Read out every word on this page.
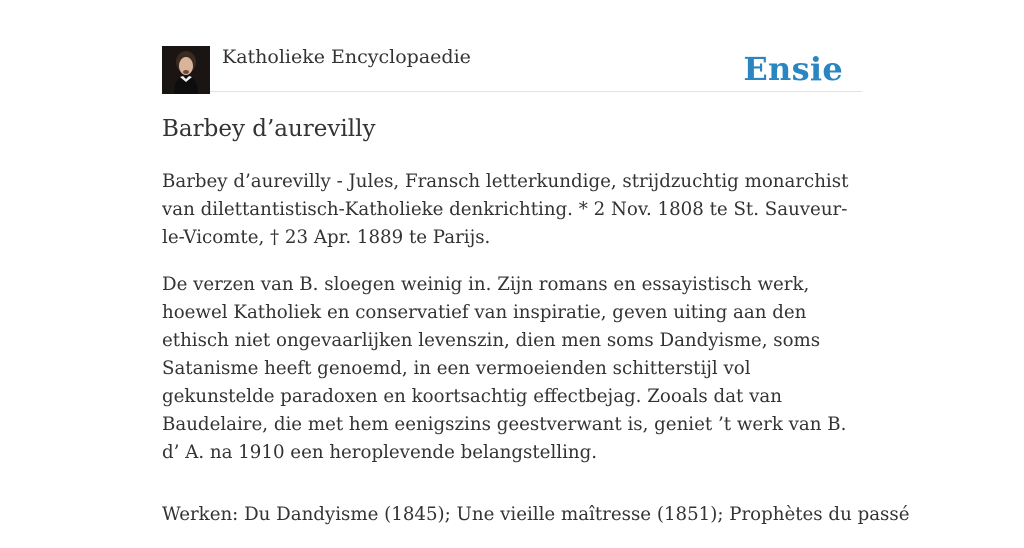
Katholieke Encyclopaedie	Ensie
Barbey d’aurevilly

Barbey d’aurevilly - Jules, Fransch letterkundige, strijdzuchtig monarchist van dilettantistisch-Katholieke denkrichting. * 2 Nov. 1808 te St. Sauveur-le-Vicomte, † 23 Apr. 1889 te Parijs.

De verzen van B. sloegen weinig in. Zijn romans en essayistisch werk, hoewel Katholiek en conservatief van inspiratie, geven uiting aan den ethisch niet ongevaarlijken levenszin, dien men soms Dandyisme, soms Satanisme heeft genoemd, in een vermoeienden schitterstijl vol gekunstelde paradoxen en koortsachtig effectbejag. Zooals dat van Baudelaire, die met hem eenigszins geestverwant is, geniet ’t werk van B. d’ A. na 1910 een heroplevende belangstelling.

Werken: Du Dandyisme (1845); Une vieille maîtresse (1851); Prophètes du passé
